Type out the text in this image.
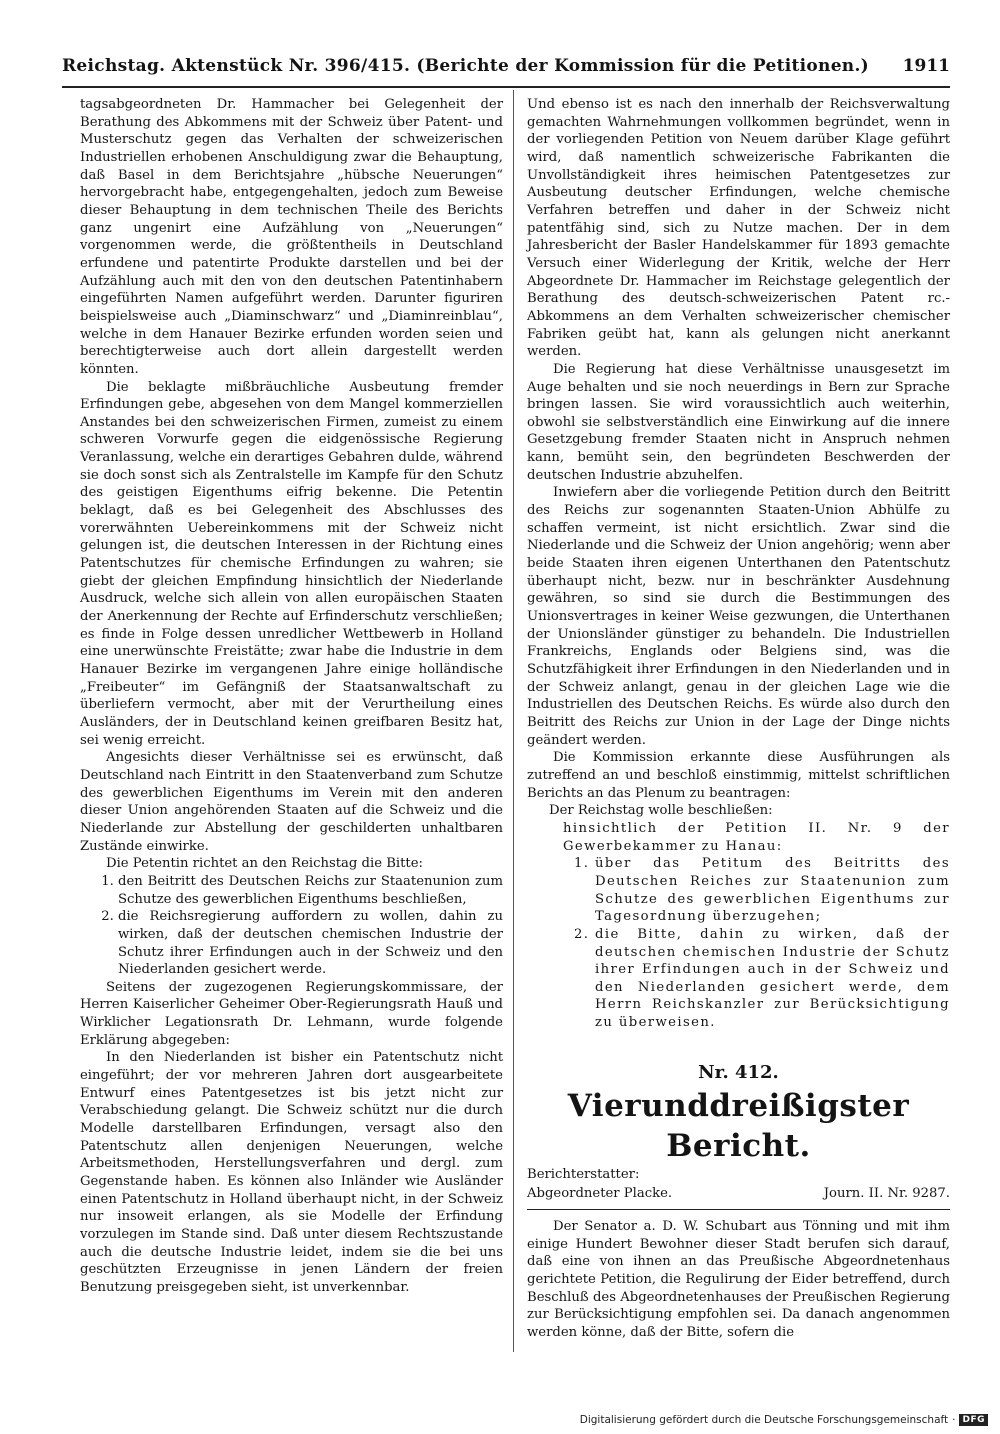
Reichstag. Aktenstück Nr. 396/415. (Berichte der Kommission für die Petitionen.) 1911

tagsabgeordneten Dr. Hammacher bei Gelegenheit der Berathung des Abkommens mit der Schweiz über Patent- und Musterschutz gegen das Verhalten der schweizerischen Industriellen erhobenen Anschuldigung zwar die Behauptung, daß Basel in dem Berichtsjahre „hübsche Neuerungen“ hervorgebracht habe, entgegengehalten, jedoch zum Beweise dieser Behauptung in dem technischen Theile des Berichts ganz ungenirt eine Aufzählung von „Neuerungen“ vorgenommen werde, die größtentheils in Deutschland erfundene und patentirte Produkte darstellen und bei der Aufzählung auch mit den von den deutschen Patentinhabern eingeführten Namen aufgeführt werden. Darunter figuriren beispielsweise auch „Diaminschwarz“ und „Diaminreinblau“, welche in dem Hanauer Bezirke erfunden worden seien und berechtigterweise auch dort allein dargestellt werden könnten.

Die beklagte mißbräuchliche Ausbeutung fremder Erfindungen gebe, abgesehen von dem Mangel kommerziellen Anstandes bei den schweizerischen Firmen, zumeist zu einem schweren Vorwurfe gegen die eidgenössische Regierung Veranlassung, welche ein derartiges Gebahren dulde, während sie doch sonst sich als Zentralstelle im Kampfe für den Schutz des geistigen Eigenthums eifrig bekenne. Die Petentin beklagt, daß es bei Gelegenheit des Abschlusses des vorerwähnten Uebereinkommens mit der Schweiz nicht gelungen ist, die deutschen Interessen in der Richtung eines Patentschutzes für chemische Erfindungen zu wahren; sie giebt der gleichen Empfindung hinsichtlich der Niederlande Ausdruck, welche sich allein von allen europäischen Staaten der Anerkennung der Rechte auf Erfinderschutz verschließen; es finde in Folge dessen unredlicher Wettbewerb in Holland eine unerwünschte Freistätte; zwar habe die Industrie in dem Hanauer Bezirke im vergangenen Jahre einige holländische „Freibeuter“ im Gefängniß der Staatsanwaltschaft zu überliefern vermocht, aber mit der Verurtheilung eines Ausländers, der in Deutschland keinen greifbaren Besitz hat, sei wenig erreicht.

Angesichts dieser Verhältnisse sei es erwünscht, daß Deutschland nach Eintritt in den Staatenverband zum Schutze des gewerblichen Eigenthums im Verein mit den anderen dieser Union angehörenden Staaten auf die Schweiz und die Niederlande zur Abstellung der geschilderten unhaltbaren Zustände einwirke.

Die Petentin richtet an den Reichstag die Bitte:

1. den Beitritt des Deutschen Reichs zur Staatenunion zum Schutze des gewerblichen Eigenthums beschließen,
2. die Reichsregierung auffordern zu wollen, dahin zu wirken, daß der deutschen chemischen Industrie der Schutz ihrer Erfindungen auch in der Schweiz und den Niederlanden gesichert werde.

Seitens der zugezogenen Regierungskommissare, der Herren Kaiserlicher Geheimer Ober-Regierungsrath Hauß und Wirklicher Legationsrath Dr. Lehmann, wurde folgende Erklärung abgegeben:

In den Niederlanden ist bisher ein Patentschutz nicht eingeführt; der vor mehreren Jahren dort ausgearbeitete Entwurf eines Patentgesetzes ist bis jetzt nicht zur Verabschiedung gelangt. Die Schweiz schützt nur die durch Modelle darstellbaren Erfindungen, versagt also den Patentschutz allen denjenigen Neuerungen, welche Arbeitsmethoden, Herstellungsverfahren und dergl. zum Gegenstande haben. Es können also Inländer wie Ausländer einen Patentschutz in Holland überhaupt nicht, in der Schweiz nur insoweit erlangen, als sie Modelle der Erfindung vorzulegen im Stande sind. Daß unter diesem Rechtszustande auch die deutsche Industrie leidet, indem sie die bei uns geschützten Erzeugnisse in jenen Ländern der freien Benutzung preisgegeben sieht, ist unverkennbar.

Und ebenso ist es nach den innerhalb der Reichsverwaltung gemachten Wahrnehmungen vollkommen begründet, wenn in der vorliegenden Petition von Neuem darüber Klage geführt wird, daß namentlich schweizerische Fabrikanten die Unvollständigkeit ihres heimischen Patentgesetzes zur Ausbeutung deutscher Erfindungen, welche chemische Verfahren betreffen und daher in der Schweiz nicht patentfähig sind, sich zu Nutze machen. Der in dem Jahresbericht der Basler Handelskammer für 1893 gemachte Versuch einer Widerlegung der Kritik, welche der Herr Abgeordnete Dr. Hammacher im Reichstage gelegentlich der Berathung des deutsch-schweizerischen Patent rc.-Abkommens an dem Verhalten schweizerischer chemischer Fabriken geübt hat, kann als gelungen nicht anerkannt werden.

Die Regierung hat diese Verhältnisse unausgesetzt im Auge behalten und sie noch neuerdings in Bern zur Sprache bringen lassen. Sie wird voraussichtlich auch weiterhin, obwohl sie selbstverständlich eine Einwirkung auf die innere Gesetzgebung fremder Staaten nicht in Anspruch nehmen kann, bemüht sein, den begründeten Beschwerden der deutschen Industrie abzuhelfen.

Inwiefern aber die vorliegende Petition durch den Beitritt des Reichs zur sogenannten Staaten-Union Abhülfe zu schaffen vermeint, ist nicht ersichtlich. Zwar sind die Niederlande und die Schweiz der Union angehörig; wenn aber beide Staaten ihren eigenen Unterthanen den Patentschutz überhaupt nicht, bezw. nur in beschränkter Ausdehnung gewähren, so sind sie durch die Bestimmungen des Unionsvertrages in keiner Weise gezwungen, die Unterthanen der Unionsländer günstiger zu behandeln. Die Industriellen Frankreichs, Englands oder Belgiens sind, was die Schutzfähigkeit ihrer Erfindungen in den Niederlanden und in der Schweiz anlangt, genau in der gleichen Lage wie die Industriellen des Deutschen Reichs. Es würde also durch den Beitritt des Reichs zur Union in der Lage der Dinge nichts geändert werden.

Die Kommission erkannte diese Ausführungen als zutreffend an und beschloß einstimmig, mittelst schriftlichen Berichts an das Plenum zu beantragen:

Der Reichstag wolle beschließen:
hinsichtlich der Petition II. Nr. 9 der Gewerbekammer zu Hanau:
1. über das Petitum des Beitritts des Deutschen Reiches zur Staatenunion zum Schutze des gewerblichen Eigenthums zur Tagesordnung überzugehen;
2. die Bitte, dahin zu wirken, daß der deutschen chemischen Industrie der Schutz ihrer Erfindungen auch in der Schweiz und den Niederlanden gesichert werde, dem Herrn Reichskanzler zur Berücksichtigung zu überweisen.
Nr. 412.
Vierunddreißigster Bericht.
Berichterstatter:
Abgeordneter Placke.	Journ. II. Nr. 9287.

Der Senator a. D. W. Schubart aus Tönning und mit ihm einige Hundert Bewohner dieser Stadt berufen sich darauf, daß eine von ihnen an das Preußische Abgeordnetenhaus gerichtete Petition, die Regulirung der Eider betreffend, durch Beschluß des Abgeordnetenhauses der Preußischen Regierung zur Berücksichtigung empfohlen sei. Da danach angenommen werden könne, daß der Bitte, sofern die

Digitalisierung gefördert durch die Deutsche Forschungsgemeinschaft · DFG
